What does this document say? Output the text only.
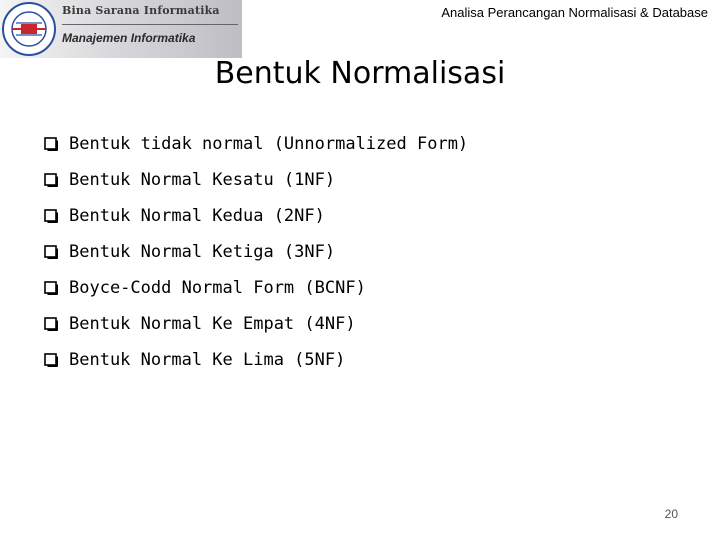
Bina Sarana Informatika
Manajemen Informatika
Analisa Perancangan Normalisasi & Database
Bentuk Normalisasi
Bentuk tidak normal (Unnormalized Form)
Bentuk Normal Kesatu (1NF)
Bentuk Normal Kedua (2NF)
Bentuk Normal Ketiga (3NF)
Boyce-Codd Normal Form (BCNF)
Bentuk Normal Ke Empat (4NF)
Bentuk Normal Ke Lima (5NF)
20
